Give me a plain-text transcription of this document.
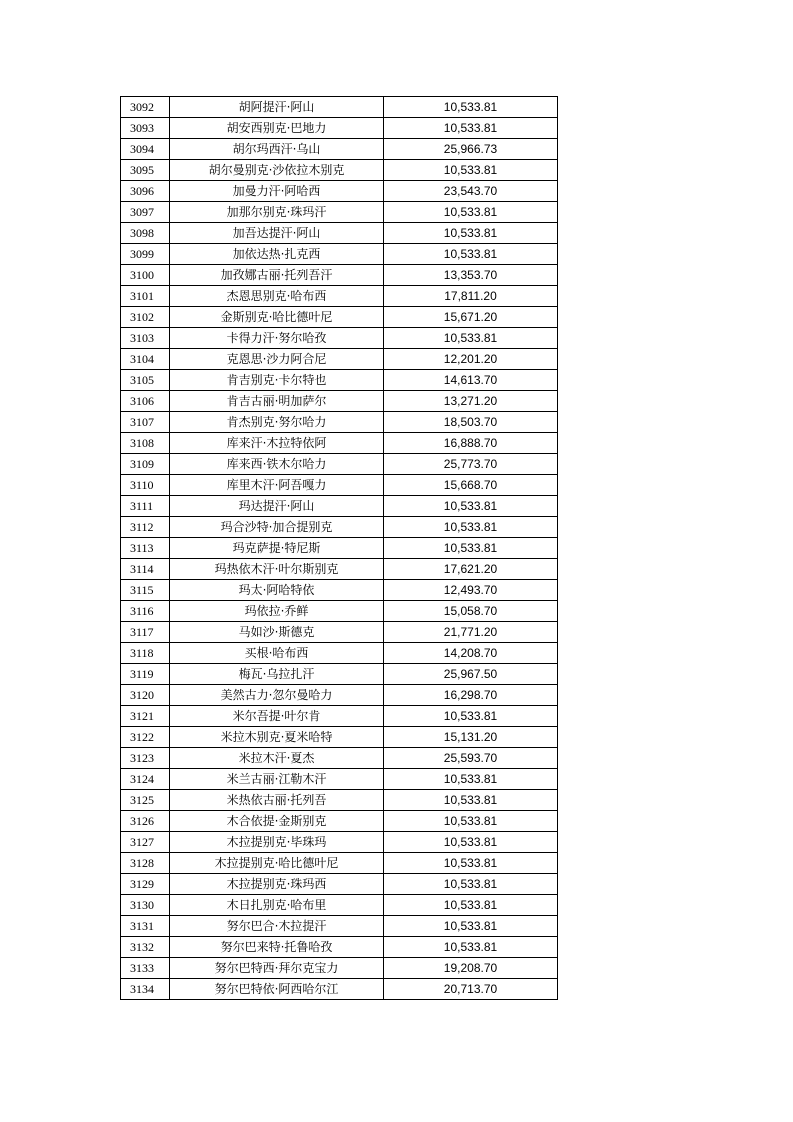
3092	胡阿提汗·阿山	10,533.81
3093	胡安西别克·巴地力	10,533.81
3094	胡尔玛西汗·乌山	25,966.73
3095	胡尔曼别克·沙依拉木别克	10,533.81
3096	加曼力汗·阿哈西	23,543.70
3097	加那尔别克·珠玛汗	10,533.81
3098	加吾达提汗·阿山	10,533.81
3099	加依达热·扎克西	10,533.81
3100	加孜娜古丽·托列吾汗	13,353.70
3101	杰恩思别克·哈布西	17,811.20
3102	金斯别克·哈比德叶尼	15,671.20
3103	卡得力汗·努尔哈孜	10,533.81
3104	克恩思·沙力阿合尼	12,201.20
3105	肯吉别克·卡尔特也	14,613.70
3106	肯吉古丽·明加萨尔	13,271.20
3107	肯杰别克·努尔哈力	18,503.70
3108	库来汗·木拉特依阿	16,888.70
3109	库来西·铁木尔哈力	25,773.70
3110	库里木汗·阿吾嘎力	15,668.70
3111	玛达提汗·阿山	10,533.81
3112	玛合沙特·加合提别克	10,533.81
3113	玛克萨提·特尼斯	10,533.81
3114	玛热依木汗·叶尔斯别克	17,621.20
3115	玛太·阿哈特依	12,493.70
3116	玛依拉·乔鲜	15,058.70
3117	马如沙·斯德克	21,771.20
3118	买根·哈布西	14,208.70
3119	梅瓦·乌拉扎汗	25,967.50
3120	美然古力·忽尔曼哈力	16,298.70
3121	米尔吾提·叶尔肯	10,533.81
3122	米拉木别克·夏米哈特	15,131.20
3123	米拉木汗·夏杰	25,593.70
3124	米兰古丽·江勒木汗	10,533.81
3125	米热依古丽·托列吾	10,533.81
3126	木合依提·金斯别克	10,533.81
3127	木拉提别克·毕珠玛	10,533.81
3128	木拉提别克·哈比德叶尼	10,533.81
3129	木拉提别克·珠玛西	10,533.81
3130	木日扎别克·哈布里	10,533.81
3131	努尔巴合·木拉提汗	10,533.81
3132	努尔巴来特·托鲁哈孜	10,533.81
3133	努尔巴特西·拜尔克宝力	19,208.70
3134	努尔巴特依·阿西哈尔江	20,713.70
